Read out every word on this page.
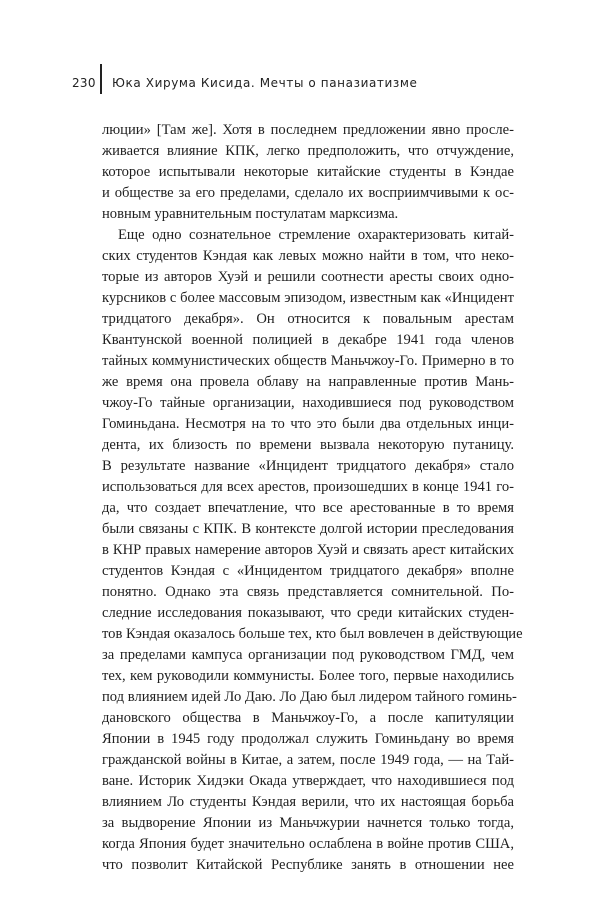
230 Юка Хирума Кисида. Мечты о паназиатизме
люции» [Там же]. Хотя в последнем предложении явно просле-
живается влияние КПК, легко предположить, что отчуждение,
которое испытывали некоторые китайские студенты в Кэндае
и обществе за его пределами, сделало их восприимчивыми к ос-
новным уравнительным постулатам марксизма.
Еще одно сознательное стремление охарактеризовать китай-
ских студентов Кэндая как левых можно найти в том, что неко-
торые из авторов Хуэй и решили соотнести аресты своих одно-
курсников с более массовым эпизодом, известным как «Инцидент
тридцатого декабря». Он относится к повальным арестам
Квантунской военной полицией в декабре 1941 года членов
тайных коммунистических обществ Маньчжоу-Го. Примерно в то
же время она провела облаву на направленные против Мань-
чжоу-Го тайные организации, находившиеся под руководством
Гоминьдана. Несмотря на то что это были два отдельных инци-
дента, их близость по времени вызвала некоторую путаницу.
В результате название «Инцидент тридцатого декабря» стало
использоваться для всех арестов, произошедших в конце 1941 го-
да, что создает впечатление, что все арестованные в то время
были связаны с КПК. В контексте долгой истории преследования
в КНР правых намерение авторов Хуэй и связать арест китайских
студентов Кэндая с «Инцидентом тридцатого декабря» вполне
понятно. Однако эта связь представляется сомнительной. По-
следние исследования показывают, что среди китайских студен-
тов Кэндая оказалось больше тех, кто был вовлечен в действующие
за пределами кампуса организации под руководством ГМД, чем
тех, кем руководили коммунисты. Более того, первые находились
под влиянием идей Ло Даю. Ло Даю был лидером тайного гоминь-
дановского общества в Маньчжоу-Го, а после капитуляции
Японии в 1945 году продолжал служить Гоминьдану во время
гражданской войны в Китае, а затем, после 1949 года, — на Тай-
ване. Историк Хидэки Окада утверждает, что находившиеся под
влиянием Ло студенты Кэндая верили, что их настоящая борьба
за выдворение Японии из Маньчжурии начнется только тогда,
когда Япония будет значительно ослаблена в войне против США,
что позволит Китайской Республике занять в отношении нее
